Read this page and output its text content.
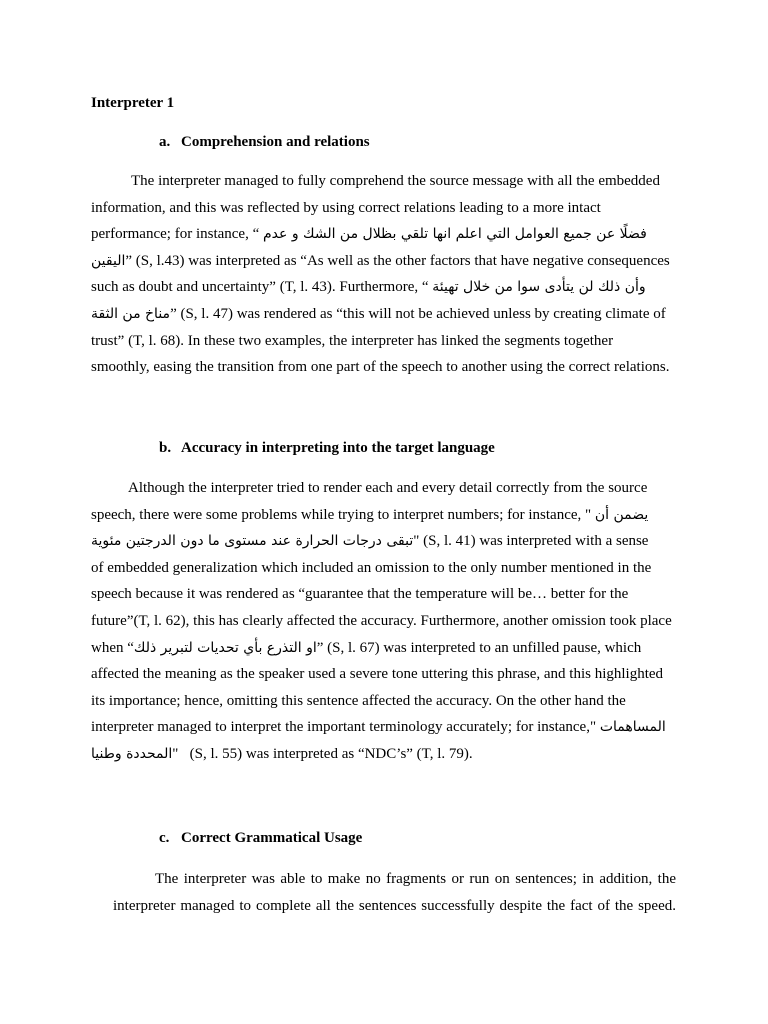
Interpreter 1
a. Comprehension and relations
The interpreter managed to fully comprehend the source message with all the embedded
information, and this was reflected by using correct relations leading to a more intact
performance; for instance, “ فضلًا عن جميع العوامل التي اعلم انها تلقي بظلال من الشك و عدم
اليقين” (S, l.43) was interpreted as “As well as the other factors that have negative consequences
such as doubt and uncertainty” (T, l. 43). Furthermore, “ وأن ذلك لن يتأدى سوا من خلال تهيئة
مناخ من الثقة” (S, l. 47) was rendered as “this will not be achieved unless by creating climate of
trust” (T, l. 68). In these two examples, the interpreter has linked the segments together
smoothly, easing the transition from one part of the speech to another using the correct relations.
b. Accuracy in interpreting into the target language
Although the interpreter tried to render each and every detail correctly from the source
speech, there were some problems while trying to interpret numbers; for instance, " يضمن أن
تبقى درجات الحرارة عند مستوى ما دون الدرجتين مئوية" (S, l. 41) was interpreted with a sense
of embedded generalization which included an omission to the only number mentioned in the
speech because it was rendered as “guarantee that the temperature will be… better for the
future”(T, l. 62), this has clearly affected the accuracy. Furthermore, another omission took place
when “او التذرع بأي تحديات لتبرير ذلك” (S, l. 67) was interpreted to an unfilled pause, which
affected the meaning as the speaker used a severe tone uttering this phrase, and this highlighted
its importance; hence, omitting this sentence affected the accuracy. On the other hand the
interpreter managed to interpret the important terminology accurately; for instance," المساهمات
المحددة وطنيا"   (S, l. 55) was interpreted as “NDC’s” (T, l. 79).
c. Correct Grammatical Usage
The interpreter was able to make no fragments or run on sentences; in addition, the
interpreter managed to complete all the sentences successfully despite the fact of the speed.
